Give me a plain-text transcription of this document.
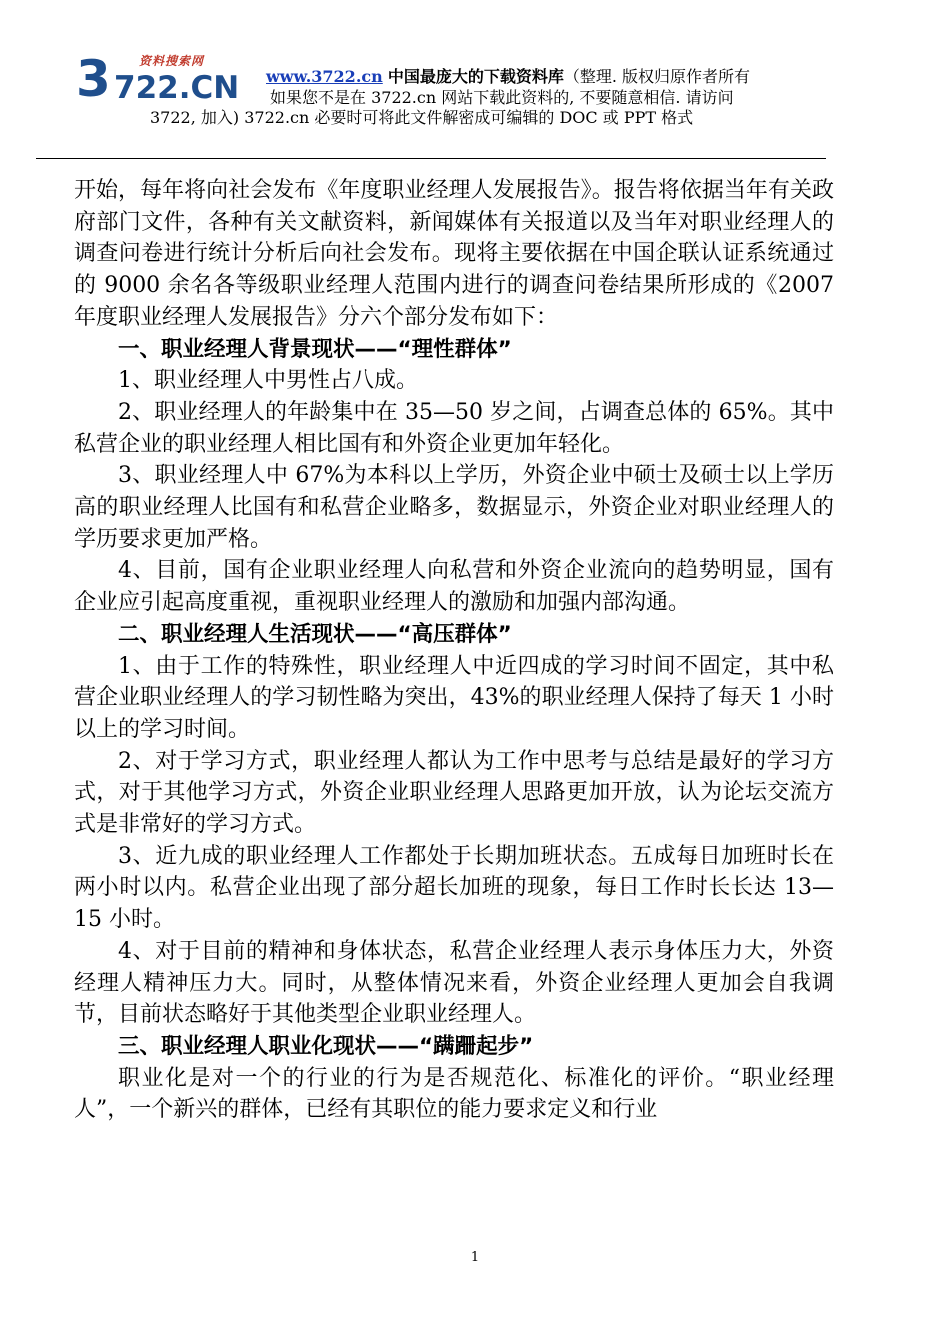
资料搜索网
3 722.CN www.3722.cn 中国最庞大的下载资料库（整理. 版权归原作者所有
如果您不是在 3722.cn 网站下载此资料的, 不要随意相信. 请访问
3722, 加入) 3722.cn 必要时可将此文件解密成可编辑的 DOC 或 PPT 格式

开始，每年将向社会发布《年度职业经理人发展报告》。报告将依据当年有关政府部门文件，各种有关文献资料，新闻媒体有关报道以及当年对职业经理人的调查问卷进行统计分析后向社会发布。现将主要依据在中国企联认证系统通过的 9000 余名各等级职业经理人范围内进行的调查问卷结果所形成的《2007 年度职业经理人发展报告》分六个部分发布如下：

一、职业经理人背景现状——“理性群体”

1、职业经理人中男性占八成。

2、职业经理人的年龄集中在 35—50 岁之间，占调查总体的 65%。其中私营企业的职业经理人相比国有和外资企业更加年轻化。

3、职业经理人中 67%为本科以上学历，外资企业中硕士及硕士以上学历高的职业经理人比国有和私营企业略多，数据显示，外资企业对职业经理人的学历要求更加严格。

4、目前，国有企业职业经理人向私营和外资企业流向的趋势明显，国有企业应引起高度重视，重视职业经理人的激励和加强内部沟通。

二、职业经理人生活现状——“高压群体”

1、由于工作的特殊性，职业经理人中近四成的学习时间不固定，其中私营企业职业经理人的学习韧性略为突出，43%的职业经理人保持了每天 1 小时以上的学习时间。

2、对于学习方式，职业经理人都认为工作中思考与总结是最好的学习方式，对于其他学习方式，外资企业职业经理人思路更加开放，认为论坛交流方式是非常好的学习方式。

3、近九成的职业经理人工作都处于长期加班状态。五成每日加班时长在两小时以内。私营企业出现了部分超长加班的现象，每日工作时长长达 13—15 小时。

4、对于目前的精神和身体状态，私营企业经理人表示身体压力大，外资经理人精神压力大。同时，从整体情况来看，外资企业经理人更加会自我调节，目前状态略好于其他类型企业职业经理人。

三、职业经理人职业化现状——“蹒跚起步”

职业化是对一个的行业的行为是否规范化、标准化的评价。“职业经理人”，一个新兴的群体，已经有其职位的能力要求定义和行业

1
